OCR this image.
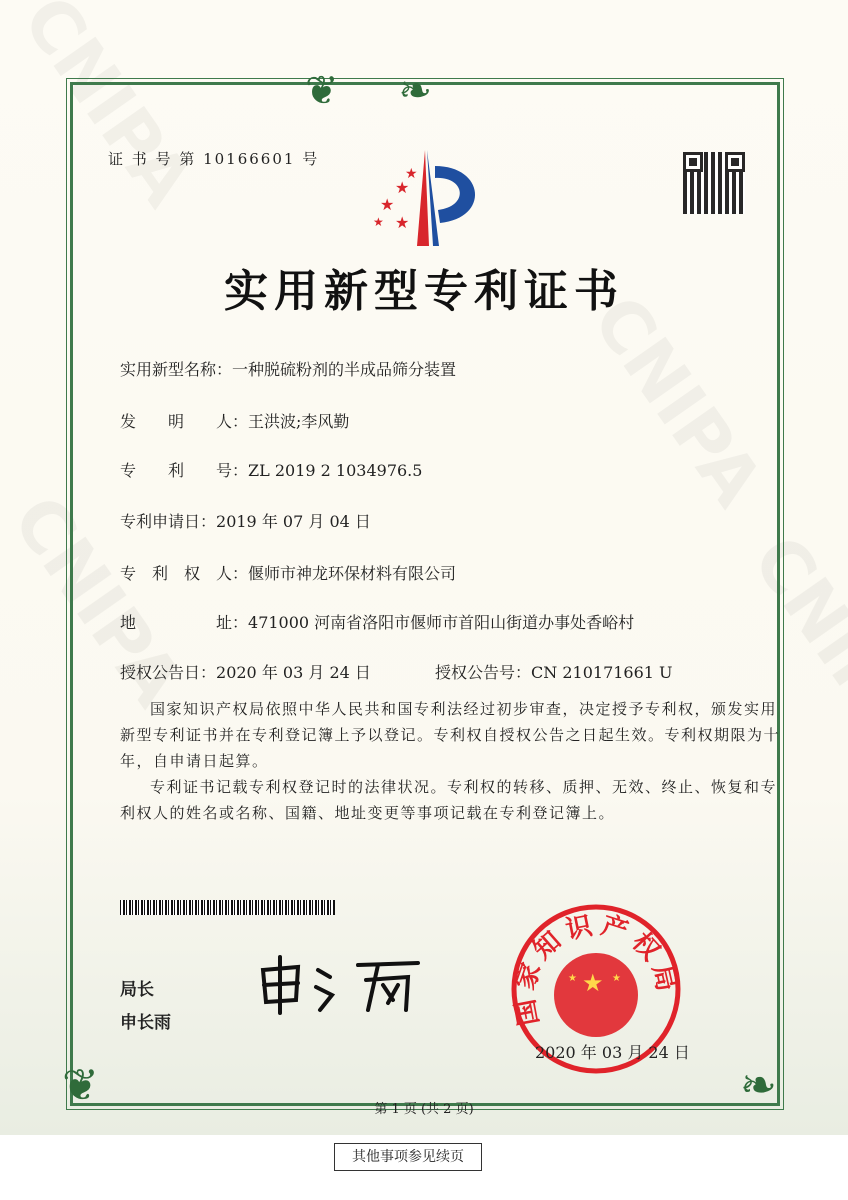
❦❧
❦	❧
证 书 号 第 10166601 号
★
★
★
★
★
实用新型专利证书
实用新型名称：一种脱硫粉剂的半成品筛分装置
发　　明　　人：王洪波;李风勤
专　　利　　号：ZL 2019 2 1034976.5
专利申请日：2019 年 07 月 04 日
专　利　权　人：偃师市神龙环保材料有限公司
地　　　　　址：471000 河南省洛阳市偃师市首阳山街道办事处香峪村
授权公告日：2020 年 03 月 24 日	授权公告号：CN 210171661 U

国家知识产权局依照中华人民共和国专利法经过初步审查，决定授予专利权，颁发实用新型专利证书并在专利登记簿上予以登记。专利权自授权公告之日起生效。专利权期限为十年，自申请日起算。

专利证书记载专利权登记时的法律状况。专利权的转移、质押、无效、终止、恢复和专利权人的姓名或名称、国籍、地址变更等事项记载在专利登记簿上。

局长
申长雨
★
★	★
国家知识产权局
2020 年 03 月 24 日
第 1 页 (共 2 页)
其他事项参见续页
